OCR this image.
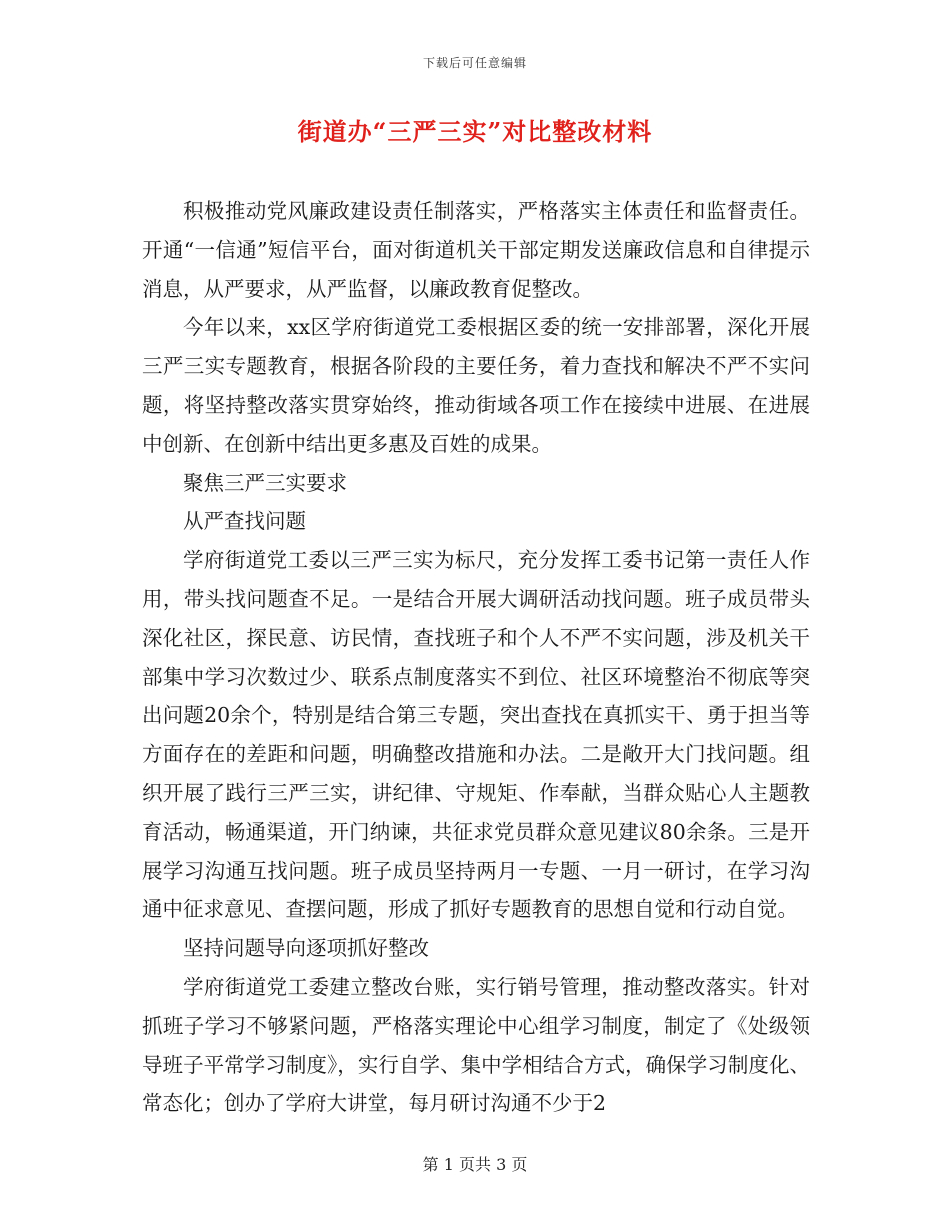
下载后可任意编辑
街道办“三严三实”对比整改材料

积极推动党风廉政建设责任制落实，严格落实主体责任和监督责任。开通“一信通”短信平台，面对街道机关干部定期发送廉政信息和自律提示消息，从严要求，从严监督，以廉政教育促整改。

今年以来，xx区学府街道党工委根据区委的统一安排部署，深化开展三严三实专题教育，根据各阶段的主要任务，着力查找和解决不严不实问题，将坚持整改落实贯穿始终，推动街域各项工作在接续中进展、在进展中创新、在创新中结出更多惠及百姓的成果。

聚焦三严三实要求

从严查找问题

学府街道党工委以三严三实为标尺，充分发挥工委书记第一责任人作用，带头找问题查不足。一是结合开展大调研活动找问题。班子成员带头深化社区，探民意、访民情，查找班子和个人不严不实问题，涉及机关干部集中学习次数过少、联系点制度落实不到位、社区环境整治不彻底等突出问题20余个，特别是结合第三专题，突出查找在真抓实干、勇于担当等方面存在的差距和问题，明确整改措施和办法。二是敞开大门找问题。组织开展了践行三严三实，讲纪律、守规矩、作奉献，当群众贴心人主题教育活动，畅通渠道，开门纳谏，共征求党员群众意见建议80余条。三是开展学习沟通互找问题。班子成员坚持两月一专题、一月一研讨，在学习沟通中征求意见、查摆问题，形成了抓好专题教育的思想自觉和行动自觉。

坚持问题导向逐项抓好整改

学府街道党工委建立整改台账，实行销号管理，推动整改落实。针对抓班子学习不够紧问题，严格落实理论中心组学习制度，制定了《处级领导班子平常学习制度》，实行自学、集中学相结合方式，确保学习制度化、常态化；创办了学府大讲堂，每月研讨沟通不少于2

第 1 页共 3 页
